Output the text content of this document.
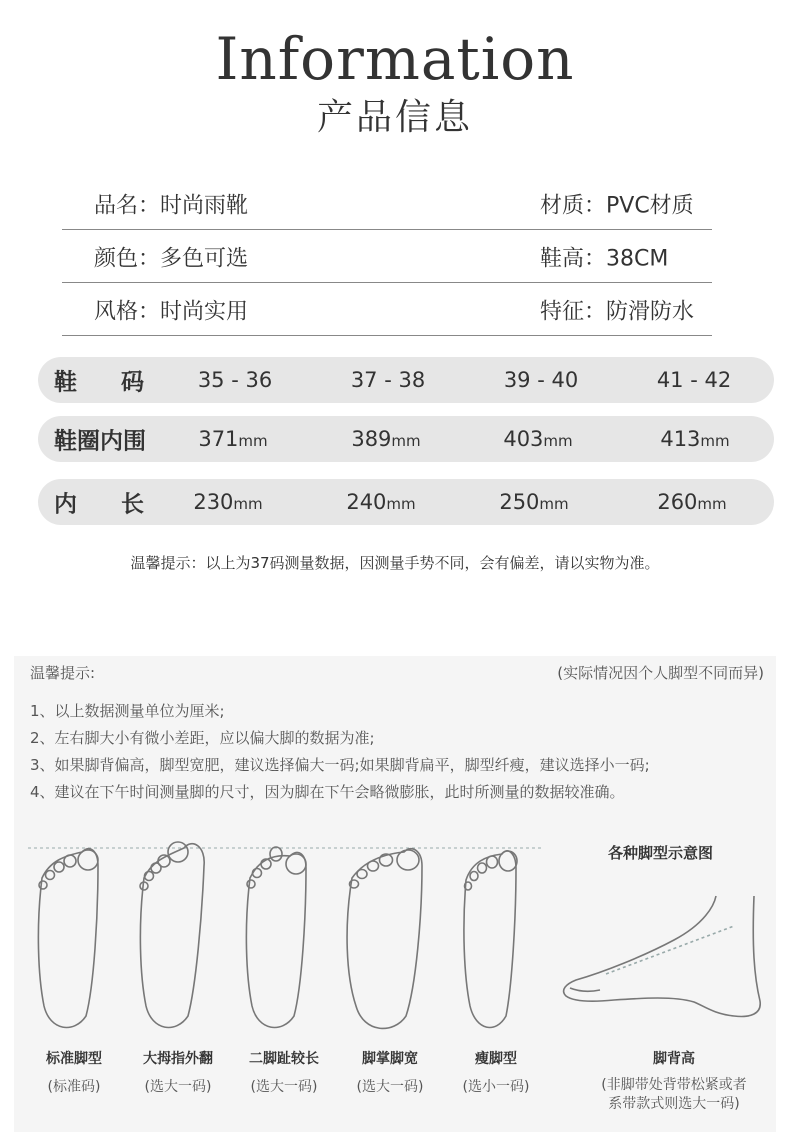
Information
产品信息
品名：时尚雨靴	材质：PVC材质
颜色：多色可选	鞋高：38CM
风格：时尚实用	特征：防滑防水
鞋码 35 - 36	37 - 38	39 - 40	41 - 42
鞋圈内围 371mm	389mm	403mm	413mm
内长 230mm	240mm	250mm	260mm
温馨提示：以上为37码测量数据，因测量手势不同，会有偏差，请以实物为准。
温馨提示:	(实际情况因个人脚型不同而异)
1、以上数据测量单位为厘米;
2、左右脚大小有微小差距，应以偏大脚的数据为准;
3、如果脚背偏高，脚型宽肥，建议选择偏大一码;如果脚背扁平，脚型纤瘦，建议选择小一码;
4、建议在下午时间测量脚的尺寸，因为脚在下午会略微膨胀，此时所测量的数据较准确。
各种脚型示意图
标准脚型
(标准码)
大拇指外翻
(选大一码)
二脚趾较长
(选大一码)
脚掌脚宽
(选大一码)
瘦脚型
(选小一码)
脚背高
(非脚带处背带松紧或者
系带款式则选大一码)
